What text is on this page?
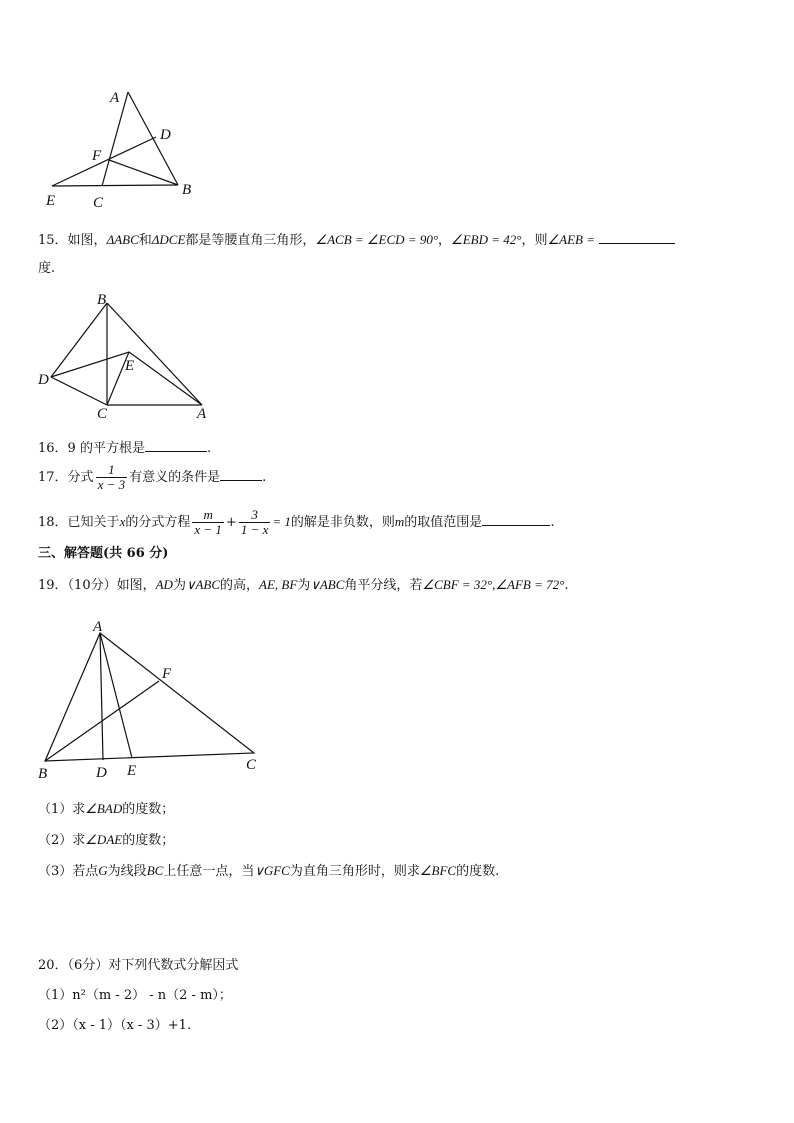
A
D
F
E	C
B
15．如图，ΔABC和ΔDCE都是等腰直角三角形，∠ACB = ∠ECD = 90°，∠EBD = 42°，则∠AEB =
度.
B
D
E
C	A
16．9 的平方根是	.
17．分式 $\frac{1}{x - 3}$ 有意义的条件是	.
18．已知关于x的分式方程 $\frac{m}{x - 1} + \frac{3}{1 - x} = 1$的解是非负数，则m的取值范围是	.
三、解答题(共 66 分)
19．（10分）如图，AD为∨ABC的高，AE, BF为∨ABC角平分线，若∠CBF = 32°,∠AFB = 72°.
A
F
B	D E	C
（1）求∠BAD的度数；
（2）求∠DAE的度数；
（3）若点G为线段BC上任意一点，当∨GFC为直角三角形时，则求∠BFC的度数.
20．（6分）对下列代数式分解因式
（1）n²（m - 2） - n（2 - m）；
（2）（x - 1）（x - 3）+1.
